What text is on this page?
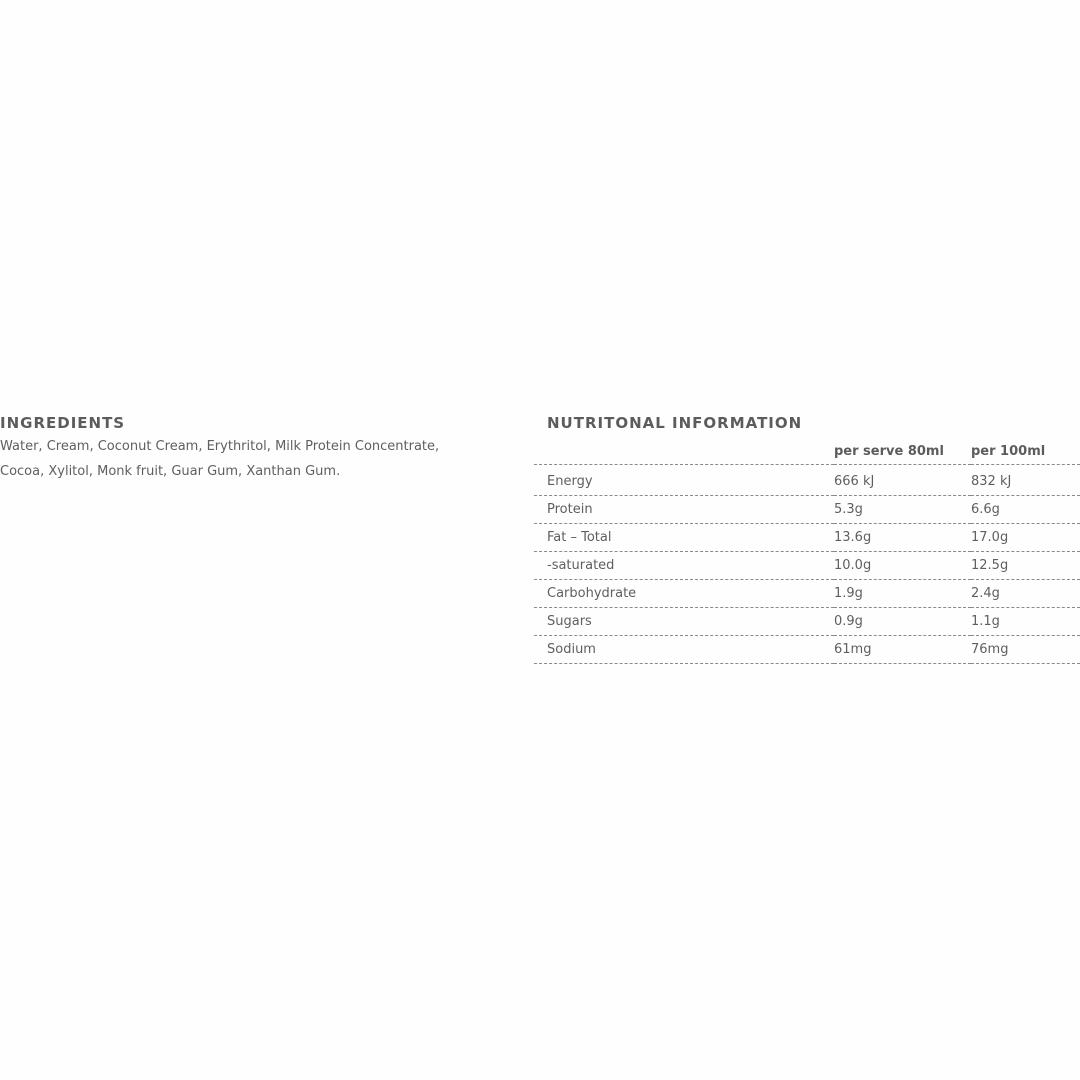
INGREDIENTS

Water, Cream, Coconut Cream, Erythritol, Milk Protein Concentrate,
Cocoa, Xylitol, Monk fruit, Guar Gum, Xanthan Gum.

NUTRITONAL INFORMATION
	per serve 80ml	per 100ml
Energy	666 kJ	832 kJ
Protein	5.3g	6.6g
Fat – Total	13.6g	17.0g
-saturated	10.0g	12.5g
Carbohydrate	1.9g	2.4g
Sugars	0.9g	1.1g
Sodium	61mg	76mg
